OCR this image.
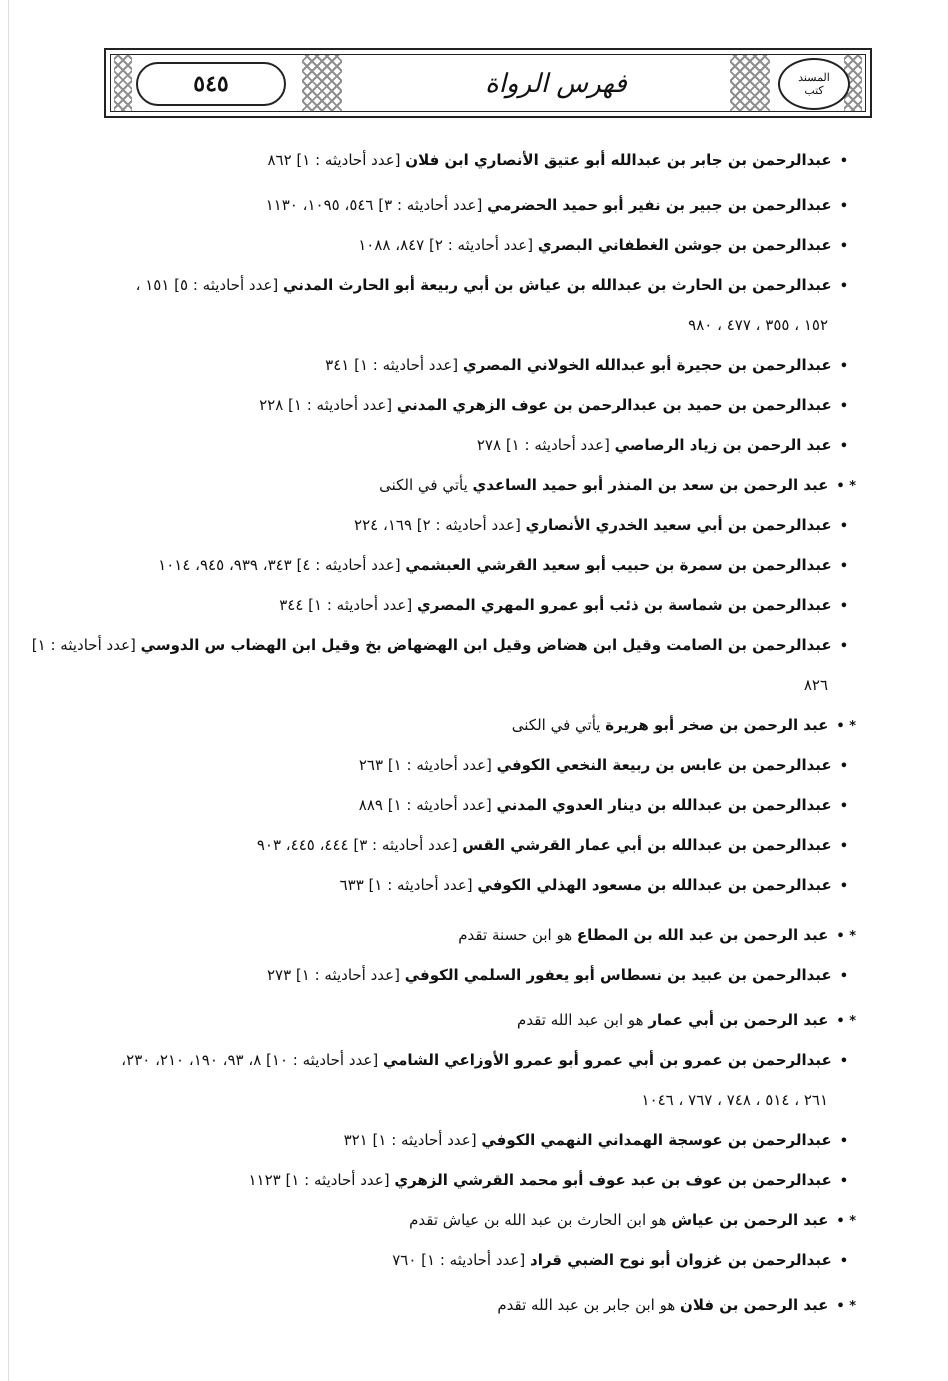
٥٤٥	فهرس الرواة	المسند
كتب
•عبدالرحمن بن جابر بن عبدالله أبو عتيق الأنصاري ابن فلان [عدد أحاديثه : ١] ٨٦٢
•عبدالرحمن بن جبير بن نفير أبو حميد الحضرمي [عدد أحاديثه : ٣] ٥٤٦، ١٠٩٥، ١١٣٠
•عبدالرحمن بن جوشن الغطفاني البصري [عدد أحاديثه : ٢] ٨٤٧، ١٠٨٨
•عبدالرحمن بن الحارث بن عبدالله بن عياش بن أبي ربيعة أبو الحارث المدني [عدد أحاديثه : ٥] ١٥١ ،
١٥٢ ، ٣٥٥ ، ٤٧٧ ، ٩٨٠
•عبدالرحمن بن حجيرة أبو عبدالله الخولاني المصري [عدد أحاديثه : ١] ٣٤١
•عبدالرحمن بن حميد بن عبدالرحمن بن عوف الزهري المدني [عدد أحاديثه : ١] ٢٢٨
•عبد الرحمن بن زياد الرصاصي [عدد أحاديثه : ١] ٢٧٨
* •عبد الرحمن بن سعد بن المنذر أبو حميد الساعدي يأتي في الكنى
•عبدالرحمن بن أبي سعيد الخدري الأنصاري [عدد أحاديثه : ٢] ١٦٩، ٢٢٤
•عبدالرحمن بن سمرة بن حبيب أبو سعيد القرشي العبشمي [عدد أحاديثه : ٤] ٣٤٣، ٩٣٩، ٩٤٥، ١٠١٤
•عبدالرحمن بن شماسة بن ذئب أبو عمرو المهري المصري [عدد أحاديثه : ١] ٣٤٤
•عبدالرحمن بن الصامت وقيل ابن هضاض وقيل ابن الهضهاض بخ وقيل ابن الهضاب س الدوسي [عدد أحاديثه : ١]
٨٢٦
* •عبد الرحمن بن صخر أبو هريرة يأتي في الكنى
•عبدالرحمن بن عابس بن ربيعة النخعي الكوفي [عدد أحاديثه : ١] ٢٦٣
•عبدالرحمن بن عبدالله بن دينار العدوي المدني [عدد أحاديثه : ١] ٨٨٩
•عبدالرحمن بن عبدالله بن أبي عمار القرشي القس [عدد أحاديثه : ٣] ٤٤٤، ٤٤٥، ٩٠٣
•عبدالرحمن بن عبدالله بن مسعود الهذلي الكوفي [عدد أحاديثه : ١] ٦٣٣
* •عبد الرحمن بن عبد الله بن المطاع هو ابن حسنة تقدم
•عبدالرحمن بن عبيد بن نسطاس أبو يعفور السلمي الكوفي [عدد أحاديثه : ١] ٢٧٣
* •عبد الرحمن بن أبي عمار هو ابن عبد الله تقدم
•عبدالرحمن بن عمرو بن أبي عمرو أبو عمرو الأوزاعي الشامي [عدد أحاديثه : ١٠] ٨، ٩٣، ١٩٠، ٢١٠، ٢٣٠،
٢٦١ ، ٥١٤ ، ٧٤٨ ، ٧٦٧ ، ١٠٤٦
•عبدالرحمن بن عوسجة الهمداني النهمي الكوفي [عدد أحاديثه : ١] ٣٢١
•عبدالرحمن بن عوف بن عبد عوف أبو محمد القرشي الزهري [عدد أحاديثه : ١] ١١٢٣
* •عبد الرحمن بن عياش هو ابن الحارث بن عبد الله بن عياش تقدم
•عبدالرحمن بن غزوان أبو نوح الضبي قراد [عدد أحاديثه : ١] ٧٦٠
* •عبد الرحمن بن فلان هو ابن جابر بن عبد الله تقدم
